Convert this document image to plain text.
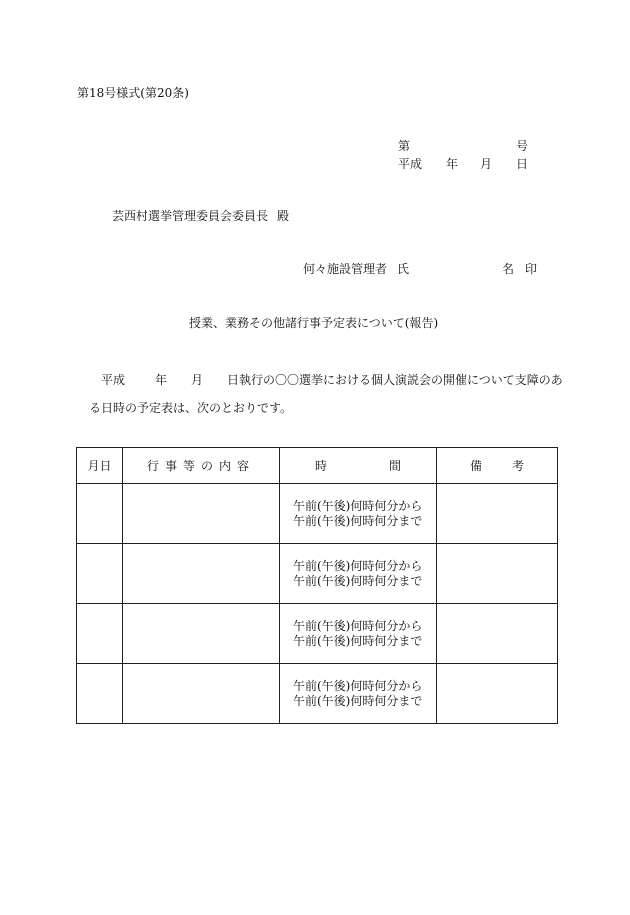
第18号様式(第20条)
第	号
平成 年 月 日
芸西村選挙管理委員会委員長 殿
何々施設管理者 氏	名 印
授業、業務その他諸行事予定表について(報告)
平成	年 月 日執行の〇〇選挙における個人演説会の開催について支障のあ
る日時の予定表は、次のとおりです。
月日	行事等の内容	時 間	備 考

		午前(午後)何時何分から
午前(午後)何時何分まで	

		午前(午後)何時何分から
午前(午後)何時何分まで	

		午前(午後)何時何分から
午前(午後)何時何分まで	

		午前(午後)何時何分から
午前(午後)何時何分まで	
